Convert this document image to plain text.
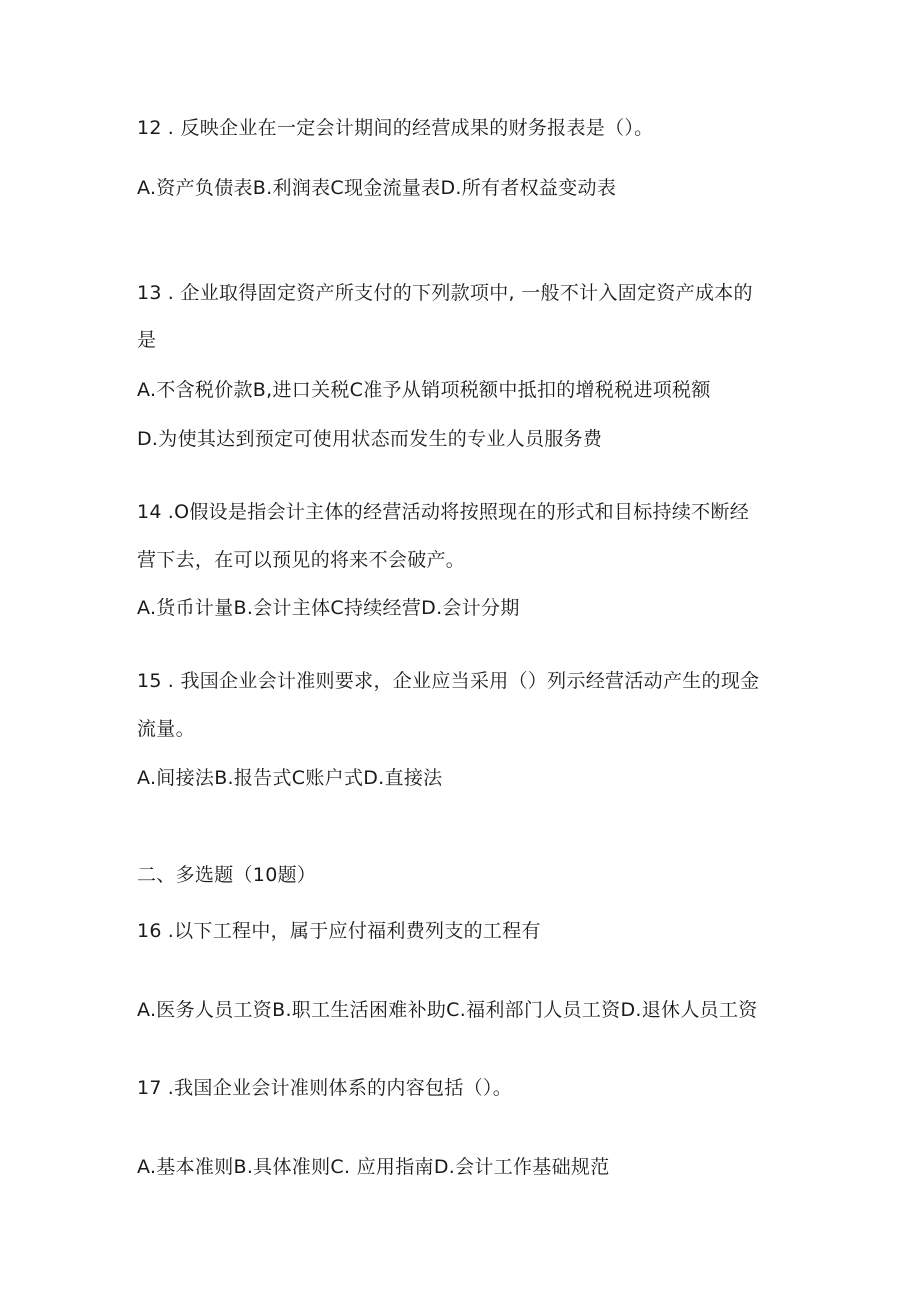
12 . 反映企业在一定会计期间的经营成果的财务报表是（）。
A.资产负债表B.利润表C现金流量表D.所有者权益变动表
13 . 企业取得固定资产所支付的下列款项中, 一般不计入固定资产成本的
是
A.不含税价款B,进口关税C准予从销项税额中抵扣的增税税进项税额
D.为使其达到预定可使用状态而发生的专业人员服务费
14 .O假设是指会计主体的经营活动将按照现在的形式和目标持续不断经
营下去，在可以预见的将来不会破产。
A.货币计量B.会计主体C持续经营D.会计分期
15 . 我国企业会计准则要求，企业应当采用（）列示经营活动产生的现金
流量。
A.间接法B.报告式C账户式D.直接法
二、多选题（10题）
16 .以下工程中，属于应付福利费列支的工程有
A.医务人员工资B.职工生活困难补助C.福利部门人员工资D.退休人员工资
17 .我国企业会计准则体系的内容包括（）。
A.基本准则B.具体准则C. 应用指南D.会计工作基础规范
